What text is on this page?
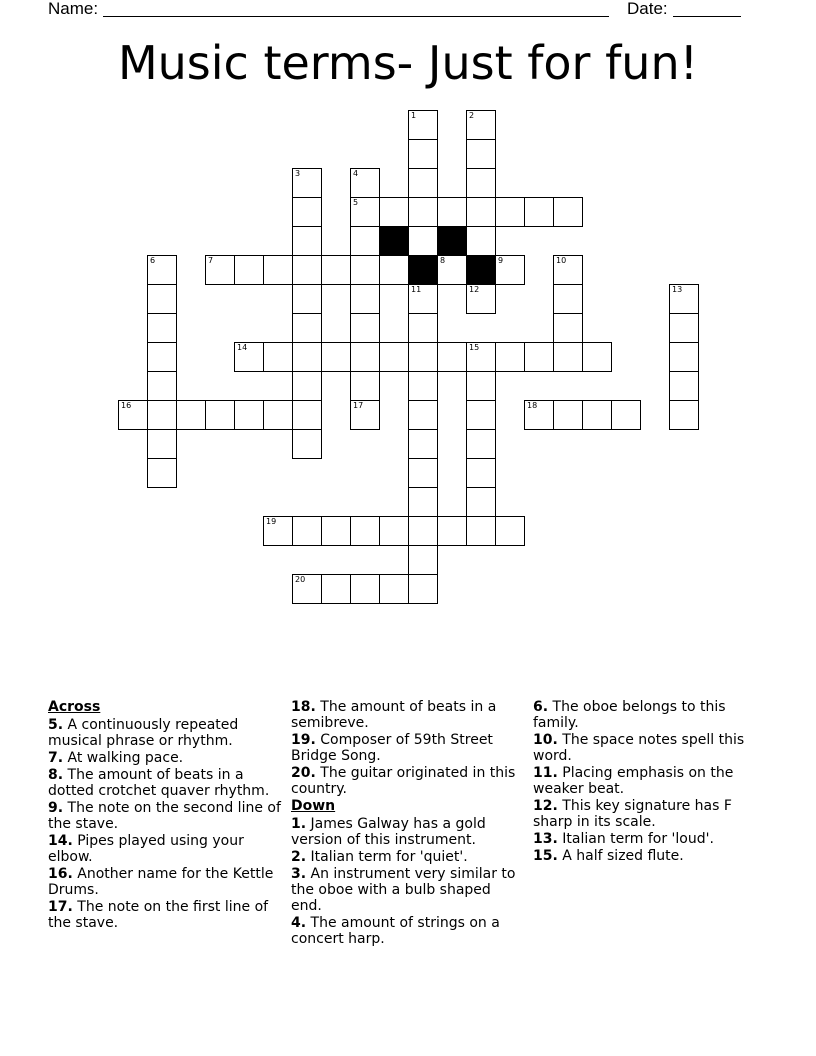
Name:	Date:
Music terms- Just for fun!
1
11
2
12
3	4
5
17
6	10
13
15
7	8	9
14
16	18
19
20
Across
5. A continuously repeated musical phrase or rhythm.
7. At walking pace.
8. The amount of beats in a dotted crotchet quaver rhythm.
9. The note on the second line of the stave.
14. Pipes played using your elbow.
16. Another name for the Kettle Drums.
17. The note on the first line of the stave.
18. The amount of beats in a semibreve.
19. Composer of 59th Street Bridge Song.
20. The guitar originated in this country.
Down
1. James Galway has a gold version of this instrument.
2. Italian term for 'quiet'.
3. An instrument very similar to the oboe with a bulb shaped end.
4. The amount of strings on a concert harp.
6. The oboe belongs to this family.
10. The space notes spell this word.
11. Placing emphasis on the weaker beat.
12. This key signature has F sharp in its scale.
13. Italian term for 'loud'.
15. A half sized flute.
